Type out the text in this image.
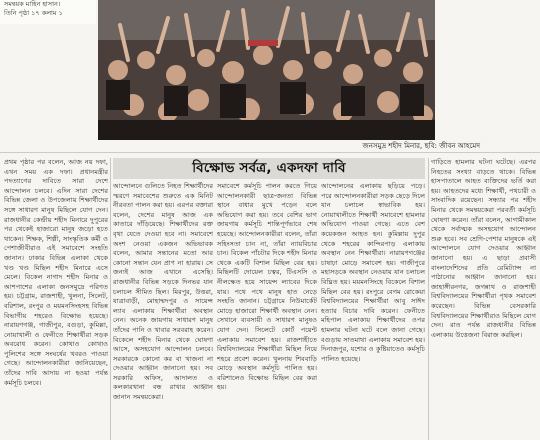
সমন্বয়ক মাহিন হাসান।
তিনি পৃষ্ঠা ১৭ কলাম ১
জনসমুদ্র শহীদ মিনার, ছবি: জীবন আহমেদ
প্রথম পৃষ্ঠার পর বলেন, আজ নয় দফা, এখন সময় এক দফা। প্রধানমন্ত্রীর পদত্যাগের দাবিতে সারা দেশে আন্দোলন চলবে। এদিন সারা দেশের বিভিন্ন জেলা ও উপজেলায় শিক্ষার্থীদের সঙ্গে সাধারণ মানুষ মিছিলে যোগ দেন। রাজধানীর কেন্দ্রীয় শহীদ মিনারে দুপুরের পর থেকেই হাজারো মানুষ জড়ো হতে থাকেন। শিক্ষক, শিল্পী, সাংস্কৃতিক কর্মী ও পেশাজীবীরাও এই সমাবেশে সংহতি জানান। ঢাকার বিভিন্ন এলাকা থেকে খণ্ড খণ্ড মিছিল শহীদ মিনারে এসে মেলে। বিকেল নাগাদ শহীদ মিনার ও আশপাশের এলাকা জনসমুদ্রে পরিণত হয়। চট্টগ্রাম, রাজশাহী, খুলনা, সিলেট, বরিশাল, রংপুর ও ময়মনসিংহসহ বিভিন্ন বিভাগীয় শহরেও বিক্ষোভ হয়েছে। নারায়ণগঞ্জ, গাজীপুর, বগুড়া, কুমিল্লা, নোয়াখালী ও ফেনীতে শিক্ষার্থীরা সড়ক অবরোধ করেন। কোথাও কোথাও পুলিশের সঙ্গে সংঘর্ষের খবরও পাওয়া গেছে। আন্দোলনকারীরা জানিয়েছেন, তাঁদের দাবি আদায় না হওয়া পর্যন্ত কর্মসূচি চলবে।
বিক্ষোভ সর্বত্র, একদফা দাবি
আন্দোলনে গুলিতে নিহত শিক্ষার্থীদের স্মরণে সমাবেশের শুরুতে এক মিনিট নীরবতা পালন করা হয়। এরপর বক্তারা বলেন, দেশের মানুষ আজ এক কাতারে দাঁড়িয়েছে। শিক্ষার্থীদের রক্ত বৃথা যেতে দেওয়া হবে না। সমাবেশে অংশ নেওয়া একজন অভিভাবক বলেন, আমার সন্তানের মতো আর কোনো সন্তান যেন প্রাণ না হারায়। সে জন্যই আজ এখানে এসেছি। রাজধানীর বিভিন্ন সড়কে দিনভর যান চলাচল সীমিত ছিল। মিরপুর, উত্তরা, যাত্রাবাড়ী, মোহাম্মদপুর ও সায়েন্স ল্যাব এলাকায় শিক্ষার্থীরা অবস্থান নেন। অনেক জায়গায় সাধারণ মানুষ তাঁদের পানি ও খাবার সরবরাহ করেন। বিকেলে শহীদ মিনার থেকে ঘোষণা আসে, অসহযোগ আন্দোলন চলবে। সরকারকে কোনো কর বা খাজনা না দেওয়ার আহ্বান জানানো হয়। সব সরকারি অফিস, আদালত ও কলকারখানা বন্ধ রাখার আহ্বান জানান সমন্বয়কেরা।
সমাবেশে কর্মসূচি পালন করতে গিয়ে আন্দোলনকারী ছাত্র-জনতা বিভিন্ন স্থানে বাধার মুখে পড়েন বলে অভিযোগ করা হয়। তবে বেশির ভাগ জায়গায় কর্মসূচি শান্তিপূর্ণভাবে শেষ হয়েছে। আন্দোলনকারীরা বলেন, তাঁরা সহিংসতা চান না, তাঁরা ন্যায়বিচার চান। বিকেল পাঁচটার দিকে শহীদ মিনার থেকে একটি বিশাল মিছিল বের হয়। মিছিলটি দোয়েল চত্বর, টিএসসি ও নীলক্ষেত হয়ে সায়েন্স ল্যাবের দিকে যায়। পথে পথে মানুষ হাত নেড়ে সংহতি জানান। চট্টগ্রামে নিউমার্কেট মোড়ে হাজারো শিক্ষার্থী অবস্থান নেন। সেখানে ব্যবসায়ী ও সাধারণ মানুষও যোগ দেন। সিলেটে কোর্ট পয়েন্ট এলাকায় সমাবেশ হয়। রাজশাহীতে বিশ্ববিদ্যালয়ের শিক্ষার্থীরা মিছিল নিয়ে শহরে প্রবেশ করেন। খুলনায় শিববাড়ি মোড়ে অবস্থান কর্মসূচি পালিত হয়। বরিশালেও বিক্ষোভ মিছিল বের করা হয়।
আন্দোলনের এলাকায় ছড়িয়ে পড়ে। পরে আন্দোলনকারীরা সড়ক ছেড়ে দিলে যান চলাচল স্বাভাবিক হয়। নোয়াখালীতে শিক্ষার্থী সমাবেশে হামলার অভিযোগ পাওয়া গেছে। এতে বেশ কয়েকজন আহত হন। কুমিল্লায় দুপুর থেকে শহরের কান্দিরপাড় এলাকায় অবস্থান নেন শিক্ষার্থীরা। নারায়ণগঞ্জের চাষাঢ়া মোড়ে সমাবেশ হয়। গাজীপুরে মহাসড়কে অবস্থান নেওয়ায় যান চলাচল বিঘ্নিত হয়। ময়মনসিংহে বিকেলে বিশাল মিছিল বের হয়। রংপুরে বেগম রোকেয়া বিশ্ববিদ্যালয়ের শিক্ষার্থীরা আবু সাঈদ হত্যার বিচার দাবি করেন। ফেনীতে মহিপাল এলাকায় শিক্ষার্থীদের ওপর হামলার ঘটনা ঘটে বলে জানা গেছে। বগুড়ায় সাতমাথা এলাকায় সমাবেশ হয়। দিনাজপুর, যশোর ও কুষ্টিয়াতেও কর্মসূচি পালিত হয়েছে।
গাড়িতে হামলার ঘটনা ঘটেছে। এরপর নিহতের সংখ্যা বাড়তে থাকে। বিভিন্ন হাসপাতালে আহত ব্যক্তিদের ভর্তি করা হয়। আহতদের মধ্যে শিক্ষার্থী, পথচারী ও সাংবাদিক রয়েছেন। সন্ধ্যার পর শহীদ মিনার থেকে সমন্বয়কেরা পরবর্তী কর্মসূচি ঘোষণা করেন। তাঁরা বলেন, আগামীকাল থেকে সর্বাত্মক অসহযোগ আন্দোলন শুরু হবে। সব শ্রেণি-পেশার মানুষকে এই আন্দোলনে যোগ দেওয়ার আহ্বান জানানো হয়। এ ছাড়া প্রবাসী বাংলাদেশিদের প্রতি রেমিট্যান্স না পাঠানোর আহ্বান জানানো হয়। জাহাঙ্গীরনগর, জগন্নাথ ও রাজশাহী বিশ্ববিদ্যালয়ের শিক্ষার্থীরা পৃথক সমাবেশ করেছেন। বিভিন্ন বেসরকারি বিশ্ববিদ্যালয়ের শিক্ষার্থীরাও মিছিলে যোগ দেন। রাত পর্যন্ত রাজধানীর বিভিন্ন এলাকায় উত্তেজনা বিরাজ করছিল।
